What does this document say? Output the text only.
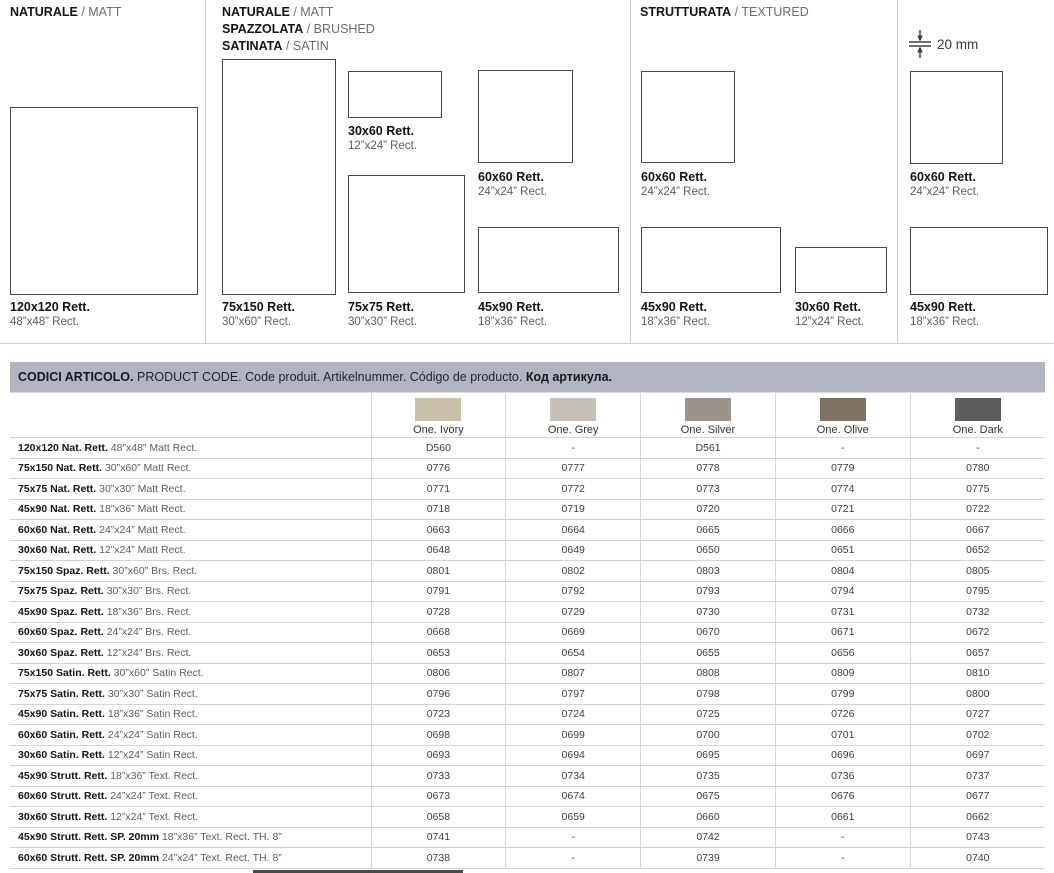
NATURALE / MATT	NATURALE / MATT
SPAZZOLATA / BRUSHED
SATINATA / SATIN
STRUTTURATA / TEXTURED
20 mm
120x120 Rett.
48”x48” Rect.
75x150 Rett.
30”x60” Rect.
30x60 Rett.
12”x24” Rect.
75x75 Rett.
30”x30” Rect.
60x60 Rett.
24”x24” Rect.
45x90 Rett.
18”x36” Rect.
60x60 Rett.
24”x24” Rect.
45x90 Rett.
18”x36” Rect.
30x60 Rett.
12”x24” Rect.
60x60 Rett.
24”x24” Rect.
45x90 Rett.
18”x36” Rect.
CODICI ARTICOLO.
PRODUCT CODE. Code produit. Artikelnummer. Código de producto.
Код артикула.

	One. Ivory	One. Grey	One. Silver	One. Olive	One. Dark

120x120 Nat. Rett. 48”x48” Matt Rect.	D560	-	D561	-	-
75x150 Nat. Rett. 30”x60” Matt Rect.	0776	0777	0778	0779	0780
75x75 Nat. Rett. 30”x30” Matt Rect.	0771	0772	0773	0774	0775
45x90 Nat. Rett. 18”x36” Matt Rect.	0718	0719	0720	0721	0722
60x60 Nat. Rett. 24”x24” Matt Rect.	0663	0664	0665	0666	0667
30x60 Nat. Rett. 12”x24” Matt Rect.	0648	0649	0650	0651	0652
75x150 Spaz. Rett. 30”x60” Brs. Rect.	0801	0802	0803	0804	0805
75x75 Spaz. Rett. 30”x30” Brs. Rect.	0791	0792	0793	0794	0795
45x90 Spaz. Rett. 18”x36” Brs. Rect.	0728	0729	0730	0731	0732
60x60 Spaz. Rett. 24”x24” Brs. Rect.	0668	0669	0670	0671	0672
30x60 Spaz. Rett. 12”x24” Brs. Rect.	0653	0654	0655	0656	0657
75x150 Satin. Rett. 30”x60” Satin Rect.	0806	0807	0808	0809	0810
75x75 Satin. Rett. 30”x30” Satin Rect.	0796	0797	0798	0799	0800
45x90 Satin. Rett. 18”x36” Satin Rect.	0723	0724	0725	0726	0727
60x60 Satin. Rett. 24”x24” Satin Rect.	0698	0699	0700	0701	0702
30x60 Satin. Rett. 12”x24” Satin Rect.	0693	0694	0695	0696	0697
45x90 Strutt. Rett. 18”x36” Text. Rect.	0733	0734	0735	0736	0737
60x60 Strutt. Rett. 24”x24” Text. Rect.	0673	0674	0675	0676	0677
30x60 Strutt. Rett. 12”x24” Text. Rect.	0658	0659	0660	0661	0662
45x90 Strutt. Rett. SP. 20mm 18”x36” Text. Rect. TH. 8”	0741	-	0742	-	0743
60x60 Strutt. Rett. SP. 20mm 24”x24” Text. Rect. TH. 8”	0738	-	0739	-	0740
